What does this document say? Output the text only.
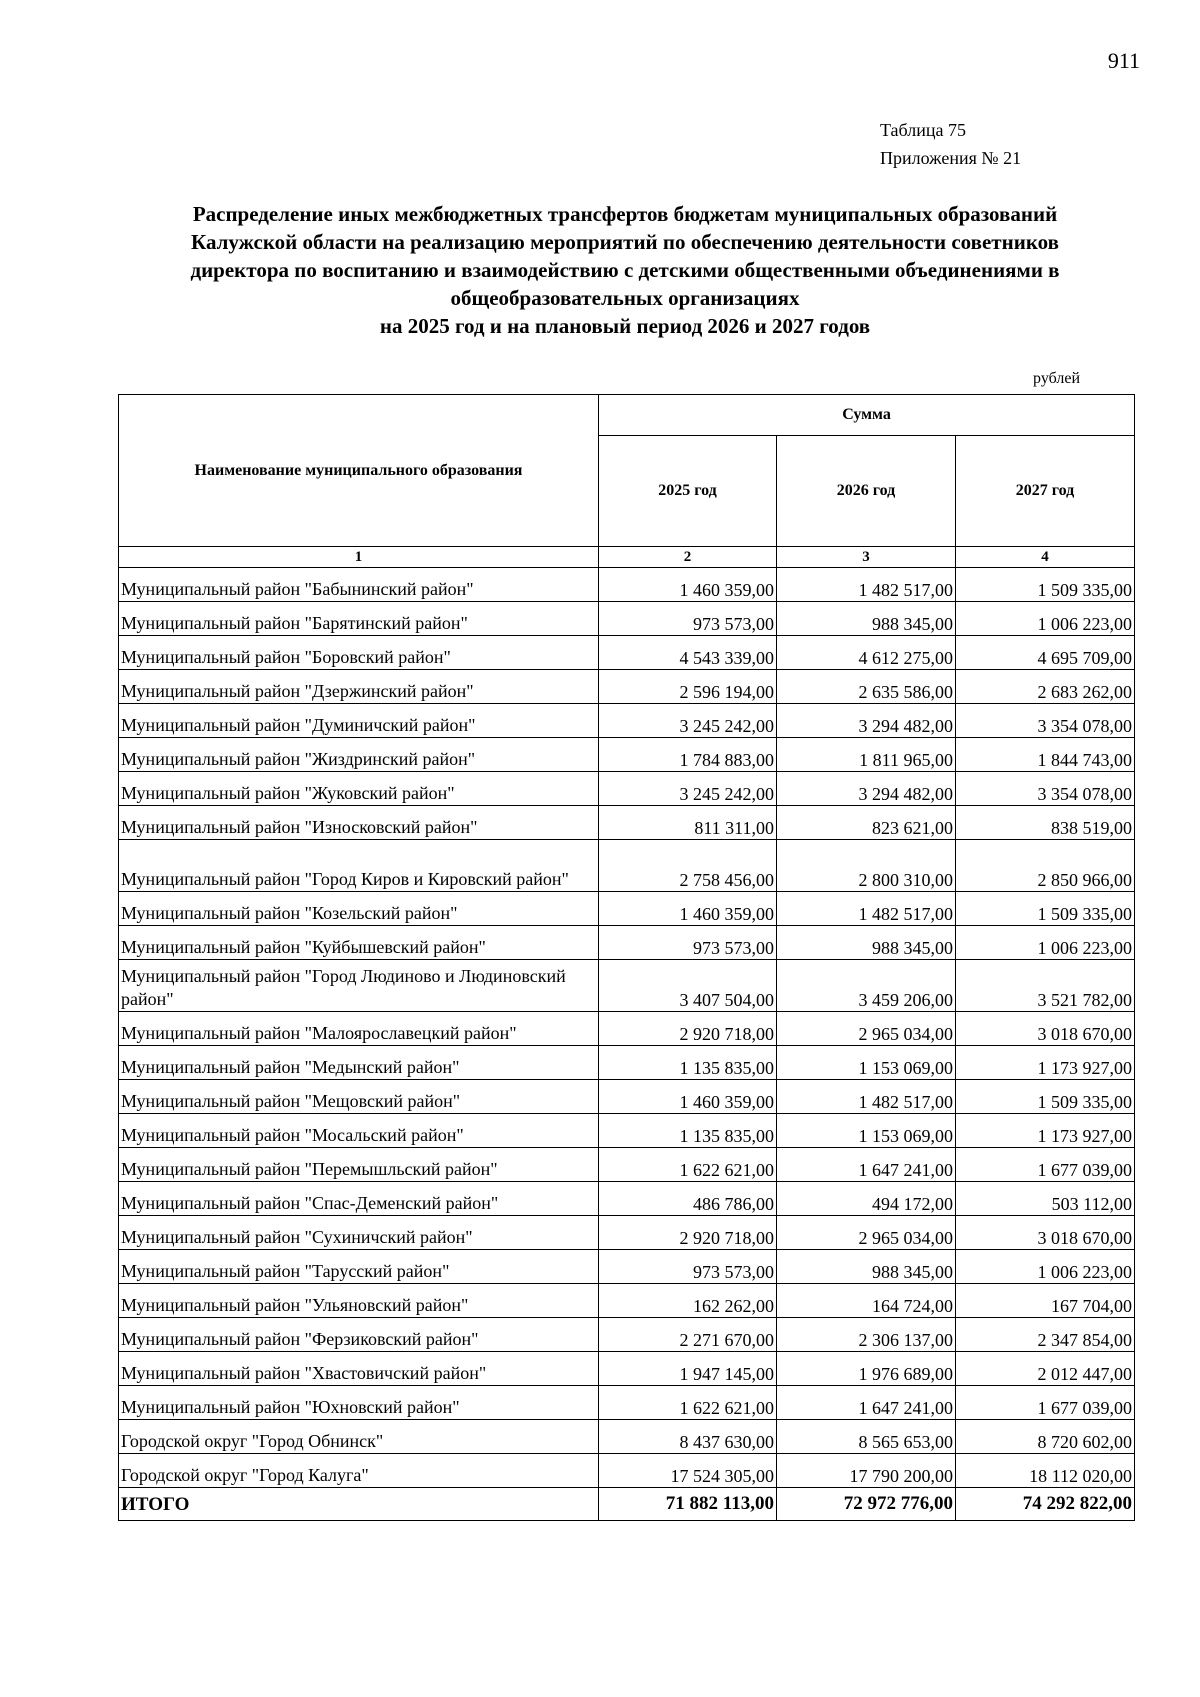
911
Таблица 75
Приложения № 21
Распределение иных межбюджетных трансфертов бюджетам муниципальных образований
Калужской области на реализацию мероприятий по обеспечению деятельности советников
директора по воспитанию и взаимодействию с детскими общественными объединениями в
общеобразовательных организациях
на 2025 год и на плановый период 2026 и 2027 годов
рублей
Наименование муниципального образования	Сумма		
	2025 год	2026 год	2027 год
1	2	3	4
Муниципальный район "Бабынинский район"	1 460 359,00	1 482 517,00	1 509 335,00
Муниципальный район "Барятинский район"	973 573,00	988 345,00	1 006 223,00
Муниципальный район "Боровский район"	4 543 339,00	4 612 275,00	4 695 709,00
Муниципальный район "Дзержинский район"	2 596 194,00	2 635 586,00	2 683 262,00
Муниципальный район "Думиничский район"	3 245 242,00	3 294 482,00	3 354 078,00
Муниципальный район "Жиздринский район"	1 784 883,00	1 811 965,00	1 844 743,00
Муниципальный район "Жуковский район"	3 245 242,00	3 294 482,00	3 354 078,00
Муниципальный район "Износковский район"	811 311,00	823 621,00	838 519,00
Муниципальный район "Город Киров и Кировский район"	2 758 456,00	2 800 310,00	2 850 966,00
Муниципальный район "Козельский район"	1 460 359,00	1 482 517,00	1 509 335,00
Муниципальный район "Куйбышевский район"	973 573,00	988 345,00	1 006 223,00
Муниципальный район "Город Людиново и Людиновский район"	3 407 504,00	3 459 206,00	3 521 782,00
Муниципальный район "Малоярославецкий район"	2 920 718,00	2 965 034,00	3 018 670,00
Муниципальный район "Медынский район"	1 135 835,00	1 153 069,00	1 173 927,00
Муниципальный район "Мещовский район"	1 460 359,00	1 482 517,00	1 509 335,00
Муниципальный район "Мосальский район"	1 135 835,00	1 153 069,00	1 173 927,00
Муниципальный район "Перемышльский район"	1 622 621,00	1 647 241,00	1 677 039,00
Муниципальный район "Спас-Деменский район"	486 786,00	494 172,00	503 112,00
Муниципальный район "Сухиничский район"	2 920 718,00	2 965 034,00	3 018 670,00
Муниципальный район "Тарусский район"	973 573,00	988 345,00	1 006 223,00
Муниципальный район "Ульяновский район"	162 262,00	164 724,00	167 704,00
Муниципальный район "Ферзиковский район"	2 271 670,00	2 306 137,00	2 347 854,00
Муниципальный район "Хвастовичский район"	1 947 145,00	1 976 689,00	2 012 447,00
Муниципальный район "Юхновский район"	1 622 621,00	1 647 241,00	1 677 039,00
Городской округ "Город Обнинск"	8 437 630,00	8 565 653,00	8 720 602,00
Городской округ "Город Калуга"	17 524 305,00	17 790 200,00	18 112 020,00
ИТОГО	71 882 113,00	72 972 776,00	74 292 822,00
